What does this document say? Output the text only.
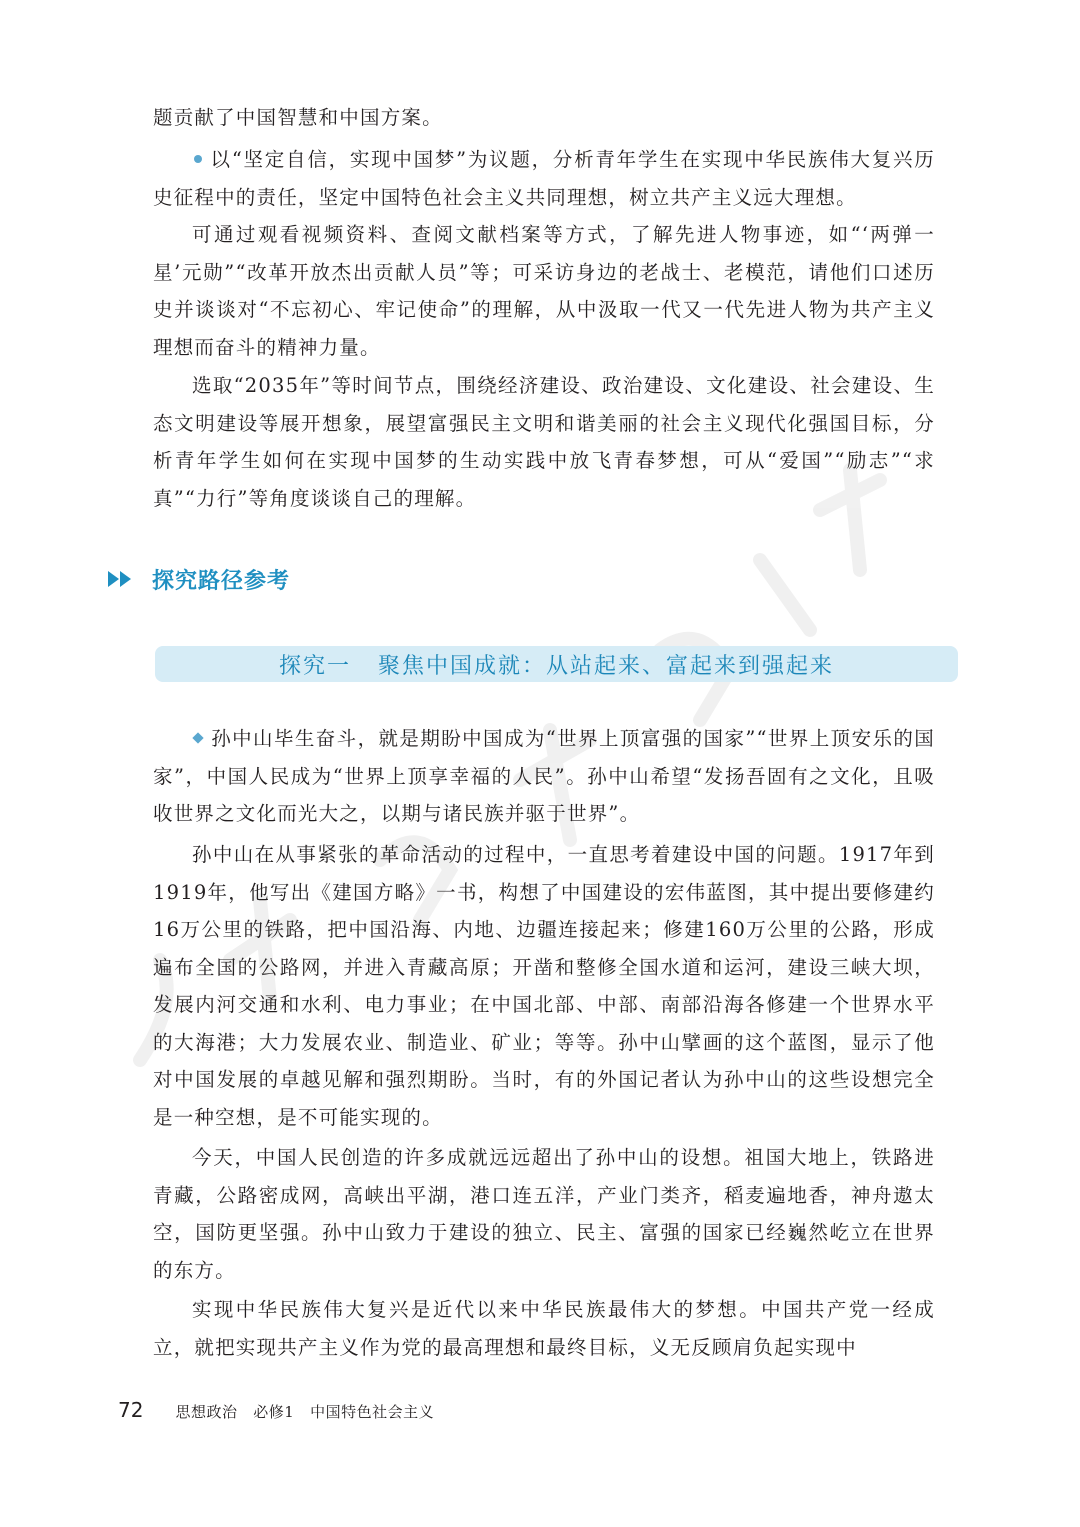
题贡献了中国智慧和中国方案。

以“坚定自信，实现中国梦”为议题，分析青年学生在实现中华民族伟大复兴历史征程中的责任，坚定中国特色社会主义共同理想，树立共产主义远大理想。

可通过观看视频资料、查阅文献档案等方式，了解先进人物事迹，如“‘两弹一星’元勋”“改革开放杰出贡献人员”等；可采访身边的老战士、老模范，请他们口述历史并谈谈对“不忘初心、牢记使命”的理解，从中汲取一代又一代先进人物为共产主义理想而奋斗的精神力量。

选取“2035年”等时间节点，围绕经济建设、政治建设、文化建设、社会建设、生态文明建设等展开想象，展望富强民主文明和谐美丽的社会主义现代化强国目标，分析青年学生如何在实现中国梦的生动实践中放飞青春梦想，可从“爱国”“励志”“求真”“力行”等角度谈谈自己的理解。

探究路径参考
探究一   聚焦中国成就：从站起来、富起来到强起来

孙中山毕生奋斗，就是期盼中国成为“世界上顶富强的国家”“世界上顶安乐的国家”，中国人民成为“世界上顶享幸福的人民”。孙中山希望“发扬吾固有之文化，且吸收世界之文化而光大之，以期与诸民族并驱于世界”。

孙中山在从事紧张的革命活动的过程中，一直思考着建设中国的问题。1917年到1919年，他写出《建国方略》一书，构想了中国建设的宏伟蓝图，其中提出要修建约16万公里的铁路，把中国沿海、内地、边疆连接起来；修建160万公里的公路，形成遍布全国的公路网，并进入青藏高原；开凿和整修全国水道和运河，建设三峡大坝，发展内河交通和水利、电力事业；在中国北部、中部、南部沿海各修建一个世界水平的大海港；大力发展农业、制造业、矿业；等等。孙中山擘画的这个蓝图，显示了他对中国发展的卓越见解和强烈期盼。当时，有的外国记者认为孙中山的这些设想完全是一种空想，是不可能实现的。

今天，中国人民创造的许多成就远远超出了孙中山的设想。祖国大地上，铁路进青藏，公路密成网，高峡出平湖，港口连五洋，产业门类齐，稻麦遍地香，神舟遨太空，国防更坚强。孙中山致力于建设的独立、民主、富强的国家已经巍然屹立在世界的东方。

实现中华民族伟大复兴是近代以来中华民族最伟大的梦想。中国共产党一经成立，就把实现共产主义作为党的最高理想和最终目标，义无反顾肩负起实现中

72 思想政治   必修1   中国特色社会主义
